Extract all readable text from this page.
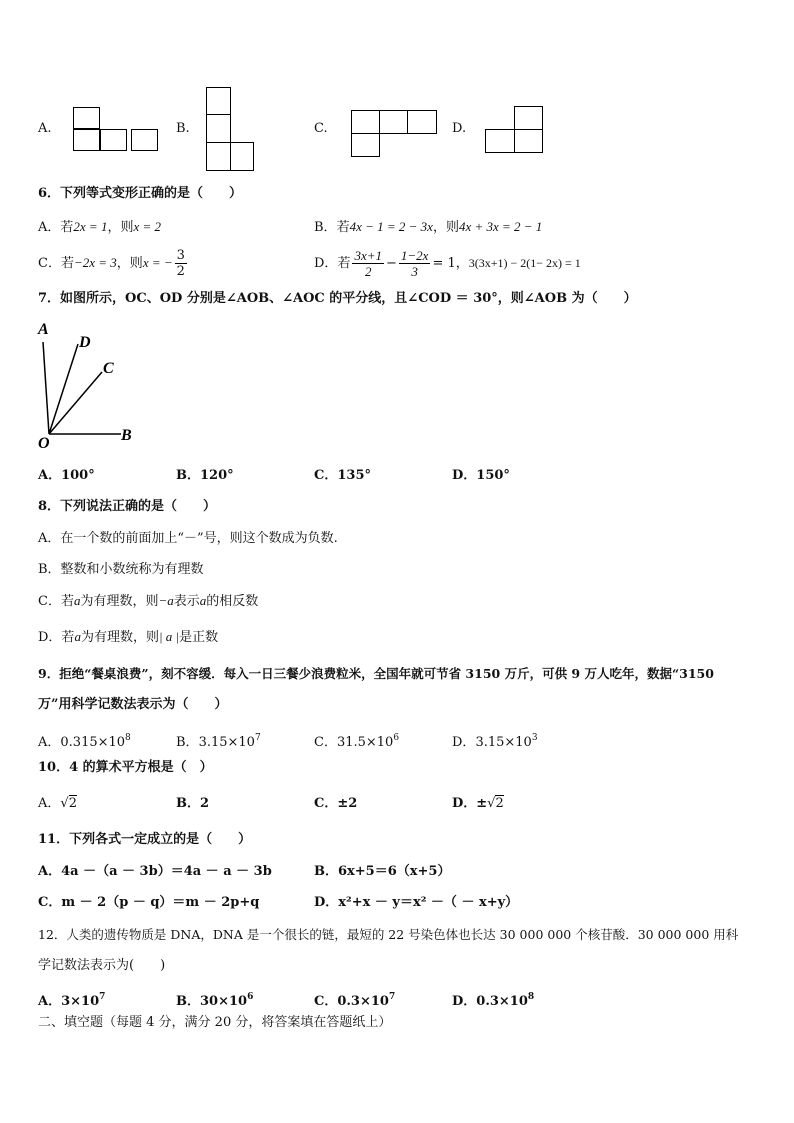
A.	B.	C.	D.
6．下列等式变形正确的是（　　）
A．若2x = 1，则x = 2	B．若4x − 1 = 2 − 3x，则4x + 3x = 2 − 1
C．若−2x = 3，则x = − $\frac{3}{2}$	D．若 $\frac{3x+1}{2} - \frac{1-2x}{3} = 1$，3(3x+1) − 2(1− 2x) = 1
7．如图所示，OC、OD 分别是∠AOB、∠AOC 的平分线，且∠COD ＝ 30°，则∠AOB 为（　　）
A
D
C
O	B
A．100°	B．120°	C．135°	D．150°
8．下列说法正确的是（　　）
A．在一个数的前面加上“－”号，则这个数成为负数.
B．整数和小数统称为有理数
C．若a为有理数，则−a表示a的相反数
D．若a为有理数，则| a |是正数
9．拒绝“餐桌浪费”，刻不容缓．每入一日三餐少浪费粒米，全国年就可节省 3150 万斤，可供 9 万人吃年，数据“3150
万”用科学记数法表示为（　　）
A．$0.315\times 10^8$	B．$3.15\times 10^7$	C．$31.5\times 10^6$	D．$3.15\times 10^3$
10．4 的算术平方根是（　）
A．√2	B．2	C．±2	D．±√2
11．下列各式一定成立的是（　　）
A．4a －（a － 3b）＝4a － a － 3b	B．6x+5＝6（x+5）
C．m － 2（p － q）＝m － 2p+q	D．x²+x － y＝x² －（ － x+y）
12．人类的遗传物质是 DNA，DNA 是一个很长的链，最短的 22 号染色体也长达 30 000 000 个核苷酸．30 000 000 用科
学记数法表示为(　　)
A．$3\times 10^7$	B．$30\times 10^6$	C．$0.3\times 10^7$	D．$0.3\times 10^8$
二、填空题（每题 4 分，满分 20 分，将答案填在答题纸上）
